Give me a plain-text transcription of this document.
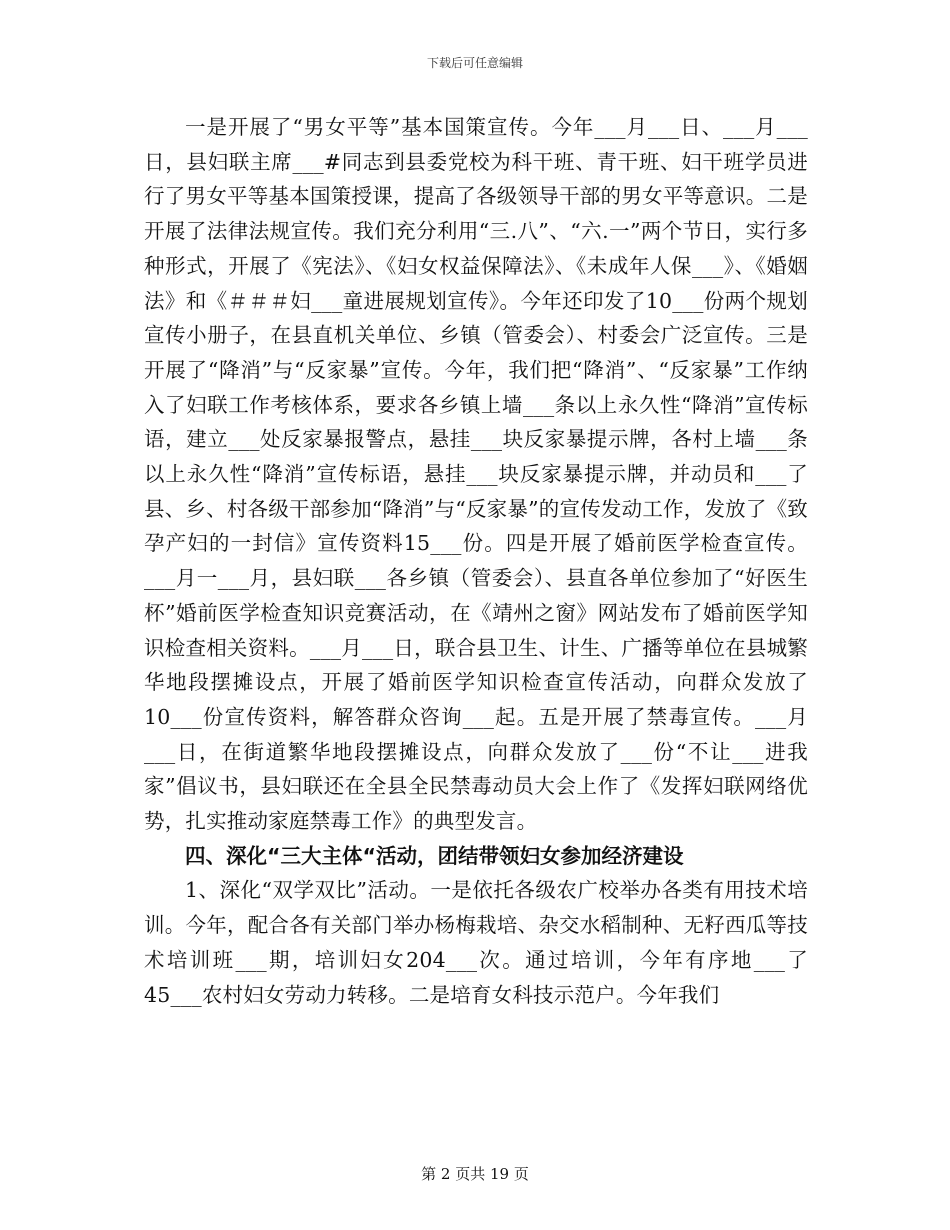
下载后可任意编辑

一是开展了“男女平等”基本国策宣传。今年___月___日、___月___日，县妇联主席___#同志到县委党校为科干班、青干班、妇干班学员进行了男女平等基本国策授课，提高了各级领导干部的男女平等意识。二是开展了法律法规宣传。我们充分利用“三.八”、“六.一”两个节日，实行多种形式，开展了《宪法》、《妇女权益保障法》、《未成年人保___》、《婚姻法》和《＃＃＃妇___童进展规划宣传》。今年还印发了10___份两个规划宣传小册子，在县直机关单位、乡镇（管委会）、村委会广泛宣传。三是开展了“降消”与“反家暴”宣传。今年，我们把“降消”、“反家暴”工作纳入了妇联工作考核体系，要求各乡镇上墙___条以上永久性“降消”宣传标语，建立___处反家暴报警点，悬挂___块反家暴提示牌，各村上墙___条以上永久性“降消”宣传标语，悬挂___块反家暴提示牌，并动员和___了县、乡、村各级干部参加“降消”与“反家暴”的宣传发动工作，发放了《致孕产妇的一封信》宣传资料15___份。四是开展了婚前医学检查宣传。___月一___月，县妇联___各乡镇（管委会）、县直各单位参加了“好医生杯”婚前医学检查知识竞赛活动，在《靖州之窗》网站发布了婚前医学知识检查相关资料。___月___日，联合县卫生、计生、广播等单位在县城繁华地段摆摊设点，开展了婚前医学知识检查宣传活动，向群众发放了10___份宣传资料，解答群众咨询___起。五是开展了禁毒宣传。___月___日，在街道繁华地段摆摊设点，向群众发放了___份“不让___进我家”倡议书，县妇联还在全县全民禁毒动员大会上作了《发挥妇联网络优势，扎实推动家庭禁毒工作》的典型发言。

四、深化“三大主体“活动，团结带领妇女参加经济建设

1、深化“双学双比”活动。一是依托各级农广校举办各类有用技术培训。今年，配合各有关部门举办杨梅栽培、杂交水稻制种、无籽西瓜等技术培训班___期，培训妇女204___次。通过培训，今年有序地___了45___农村妇女劳动力转移。二是培育女科技示范户。今年我们

第 2 页共 19 页
